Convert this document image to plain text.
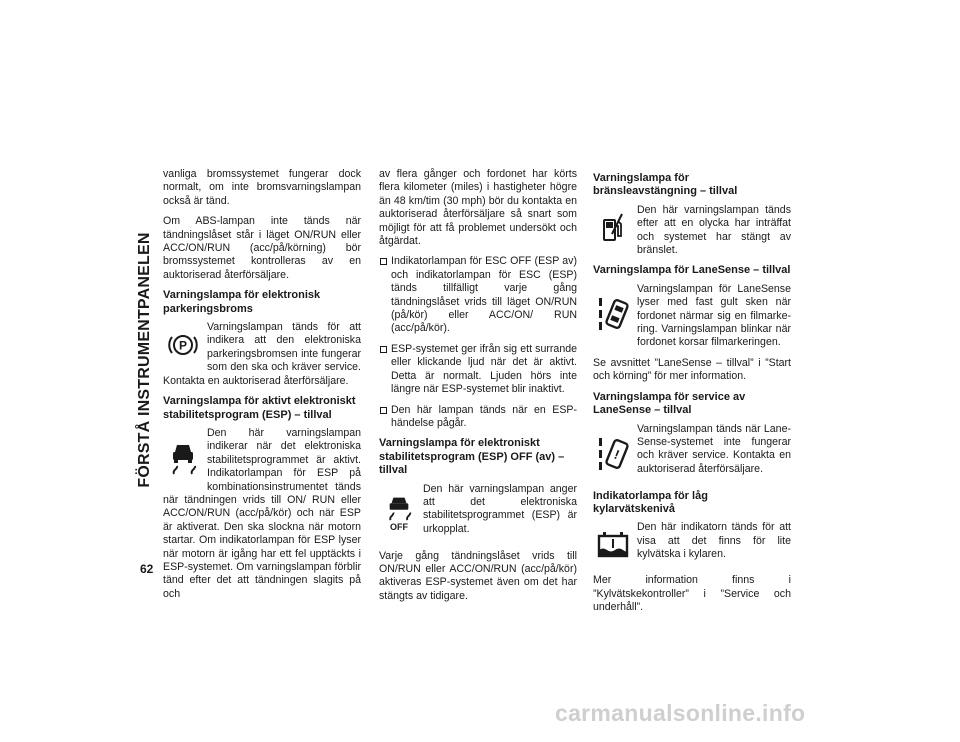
FÖRSTÅ INSTRUMENTPANELEN
62

vanliga bromssystemet fungerar dock normalt, om inte bromsvarningslampan också är tänd.

Om ABS-lampan inte tänds när tändningslåset står i läget ON/RUN eller ACC/ON/RUN (acc/på/körning) bör bromssystemet kontrolleras av en auktoriserad återförsäljare.

Varningslampa för elektronisk parkeringsbroms
P
Varningslampan tänds för att indikera att den elektroniska parkeringsbromsen inte fungerar som den ska och kräver service. Kontakta en auktoriserad återförsäljare.
Varningslampa för aktivt elektroniskt stabilitetsprogram (ESP) – tillval
Den här varningslampan indikerar när det elektroniska stabilitetsprogrammet är aktivt. Indikatorlampan för ESP på kombinationsinstrumentet tänds när tändningen vrids till ON/ RUN eller ACC/ON/RUN (acc/på/kör) och när ESP är aktiverat. Den ska slockna när motorn startar. Om indikatorlampan för ESP lyser när motorn är igång har ett fel upptäckts i ESP-systemet. Om varningslampan förblir tänd efter det att tändningen slagits på och

av flera gånger och fordonet har körts flera kilometer (miles) i hastigheter högre än 48 km/tim (30 mph) bör du kontakta en auktoriserad återförsäljare så snart som möjligt för att få problemet undersökt och åtgärdat.

Indikatorlampan för ESC OFF (ESP av) och indikatorlampan för ESC (ESP) tänds tillfälligt varje gång tändningslåset vrids till läget ON/RUN (på/kör) eller ACC/ON/ RUN (acc/på/kör).
ESP-systemet ger ifrån sig ett surrande eller klickande ljud när det är aktivt. Detta är normalt. Ljuden hörs inte längre när ESP-systemet blir inaktivt.
Den här lampan tänds när en ESP-händelse pågår.
Varningslampa för elektroniskt stabilitetsprogram (ESP) OFF (av) – tillval
OFF
Den här varningslampan anger att det elektroniska stabilitetsprogrammet (ESP) är urkopplat.

Varje gång tändningslåset vrids till ON/RUN eller ACC/ON/RUN (acc/på/kör) aktiveras ESP-systemet även om det har stängts av tidigare.

Varningslampa för bränsleavstängning – tillval
Den här varningslampan tänds efter att en olycka har inträffat och systemet har stängt av bränslet.
Varningslampa för LaneSense – tillval
Varningslampan för LaneSense lyser med fast gult sken när fordonet närmar sig en filmarkering. Varningslampan blinkar när fordonet korsar filmarkeringen.

Se avsnittet ”LaneSense – tillval” i ”Start och körning” för mer information.

Varningslampa för service av LaneSense – tillval
!
Varningslampan tänds när LaneSense-systemet inte fungerar och kräver service. Kontakta en auktoriserad återförsäljare.
Indikatorlampa för låg kylarvätskenivå
Den här indikatorn tänds för att visa att det finns för lite kylvätska i kylaren.

Mer information finns i ”Kylvätskekontroller” i ”Service och underhåll”.

carmanualsonline.info
